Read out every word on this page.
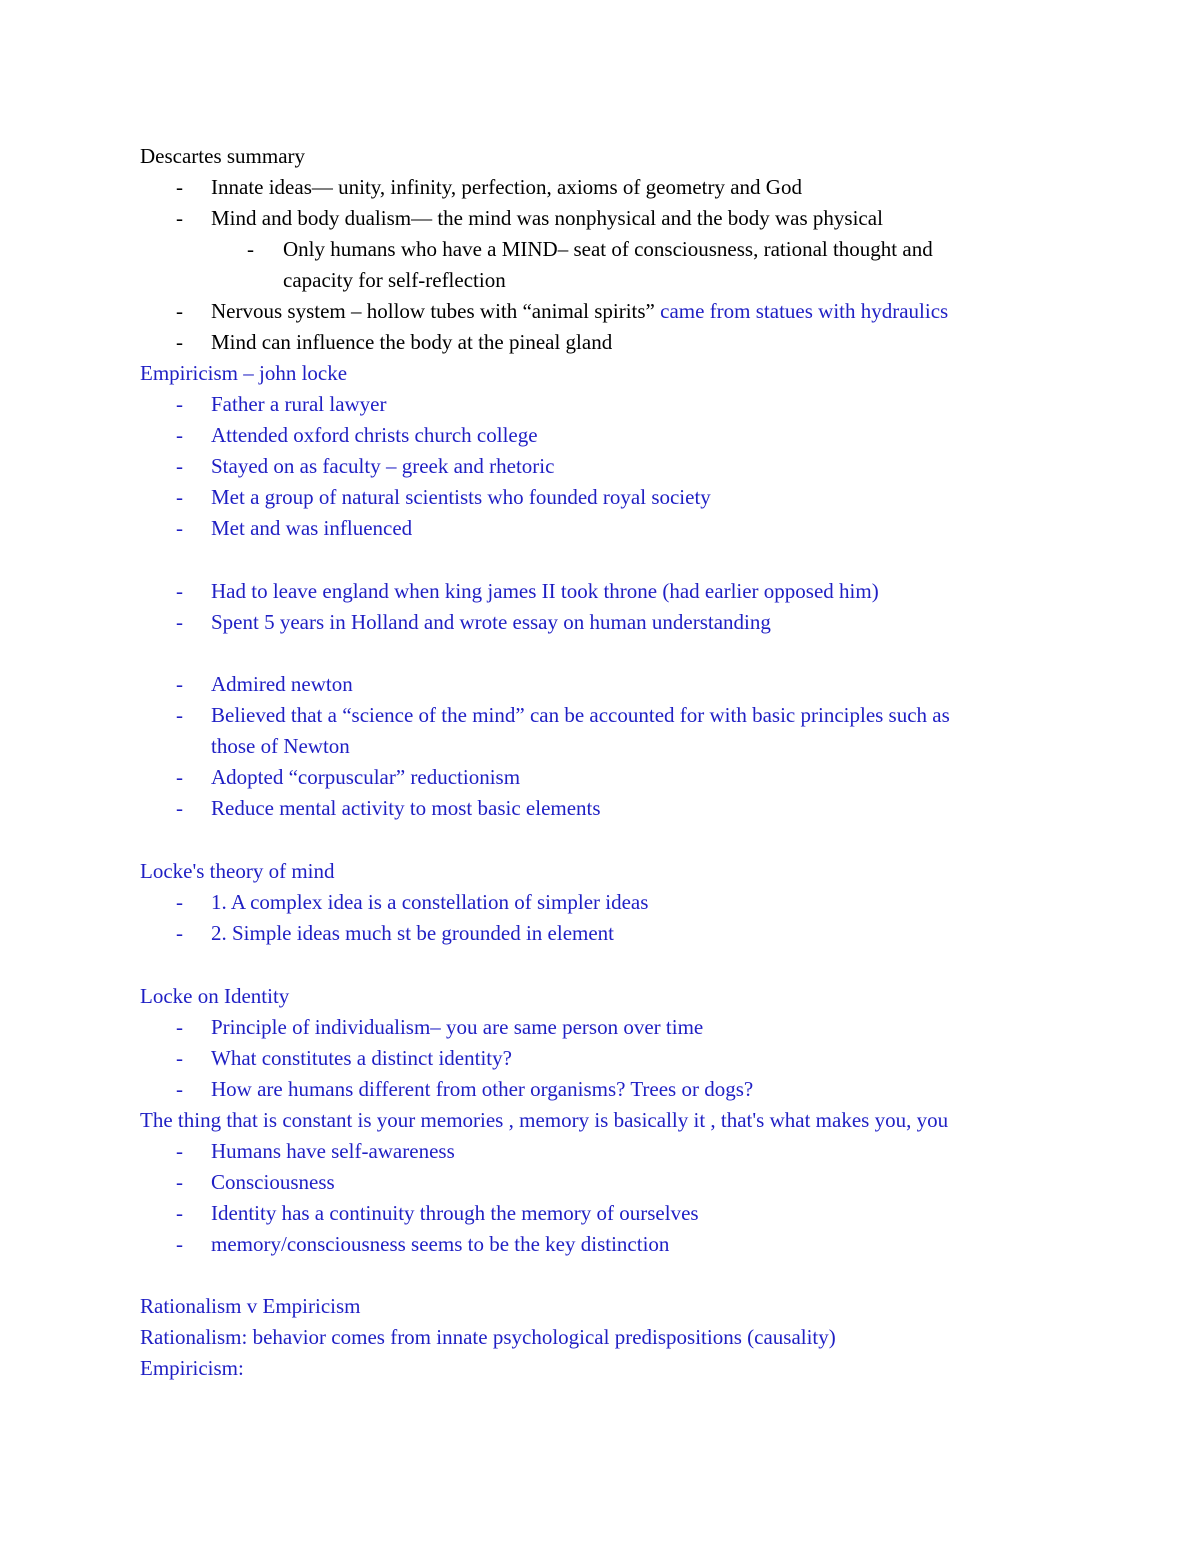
Descartes summary
- Innate ideas— unity, infinity, perfection, axioms of geometry and God
- Mind and body dualism— the mind was nonphysical and the body was physical
- Only humans who have a MIND– seat of consciousness, rational thought and
capacity for self-reflection
- Nervous system – hollow tubes with “animal spirits” came from statues with hydraulics
- Mind can influence the body at the pineal gland
Empiricism – john locke
- Father a rural lawyer
- Attended oxford christs church college
- Stayed on as faculty – greek and rhetoric
- Met a group of natural scientists who founded royal society
- Met and was influenced
- Had to leave england when king james II took throne (had earlier opposed him)
- Spent 5 years in Holland and wrote essay on human understanding
- Admired newton
- Believed that a “science of the mind” can be accounted for with basic principles such as
those of Newton
- Adopted “corpuscular” reductionism
- Reduce mental activity to most basic elements
Locke's theory of mind
- 1. A complex idea is a constellation of simpler ideas
- 2. Simple ideas much st be grounded in element
Locke on Identity
- Principle of individualism– you are same person over time
- What constitutes a distinct identity?
- How are humans different from other organisms? Trees or dogs?
The thing that is constant is your memories , memory is basically it , that's what makes you, you
- Humans have self-awareness
- Consciousness
- Identity has a continuity through the memory of ourselves
- memory/consciousness seems to be the key distinction
Rationalism v Empiricism
Rationalism: behavior comes from innate psychological predispositions (causality)
Empiricism:
